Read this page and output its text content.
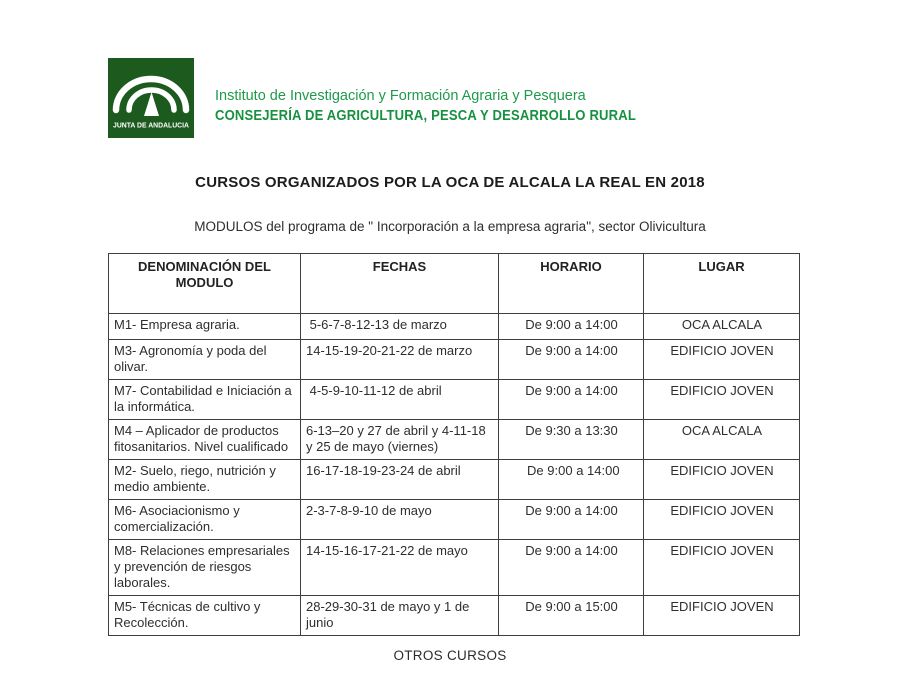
JUNTA DE ANDALUCIA
Instituto de Investigación y Formación Agraria y Pesquera
CONSEJERÍA DE AGRICULTURA, PESCA Y DESARROLLO RURAL
CURSOS ORGANIZADOS POR LA OCA DE ALCALA LA REAL EN 2018
MODULOS del programa de " Incorporación a la empresa agraria", sector Olivicultura
DENOMINACIÓN DEL MODULO	FECHAS	HORARIO	LUGAR
M1- Empresa agraria.	5-6-7-8-12-13 de marzo	De 9:00 a 14:00	OCA ALCALA
M3- Agronomía y poda del olivar.	14-15-19-20-21-22 de marzo	De 9:00 a 14:00	EDIFICIO JOVEN
M7- Contabilidad e Iniciación a la informática.	4-5-9-10-11-12 de abril	De 9:00 a 14:00	EDIFICIO JOVEN
M4 – Aplicador de productos fitosanitarios. Nivel cualificado	6-13–20 y 27 de abril y 4-11-18 y 25 de mayo (viernes)	De 9:30 a 13:30	OCA ALCALA
M2- Suelo, riego, nutrición y medio ambiente.	16-17-18-19-23-24 de abril	De 9:00 a 14:00	EDIFICIO JOVEN
M6- Asociacionismo y comercialización.	2-3-7-8-9-10 de mayo	De 9:00 a 14:00	EDIFICIO JOVEN
M8- Relaciones empresariales y prevención de riesgos laborales.	14-15-16-17-21-22 de mayo	De 9:00 a 14:00	EDIFICIO JOVEN
M5- Técnicas de cultivo y Recolección.	28-29-30-31 de mayo y 1 de junio	De 9:00 a 15:00	EDIFICIO JOVEN
OTROS CURSOS
